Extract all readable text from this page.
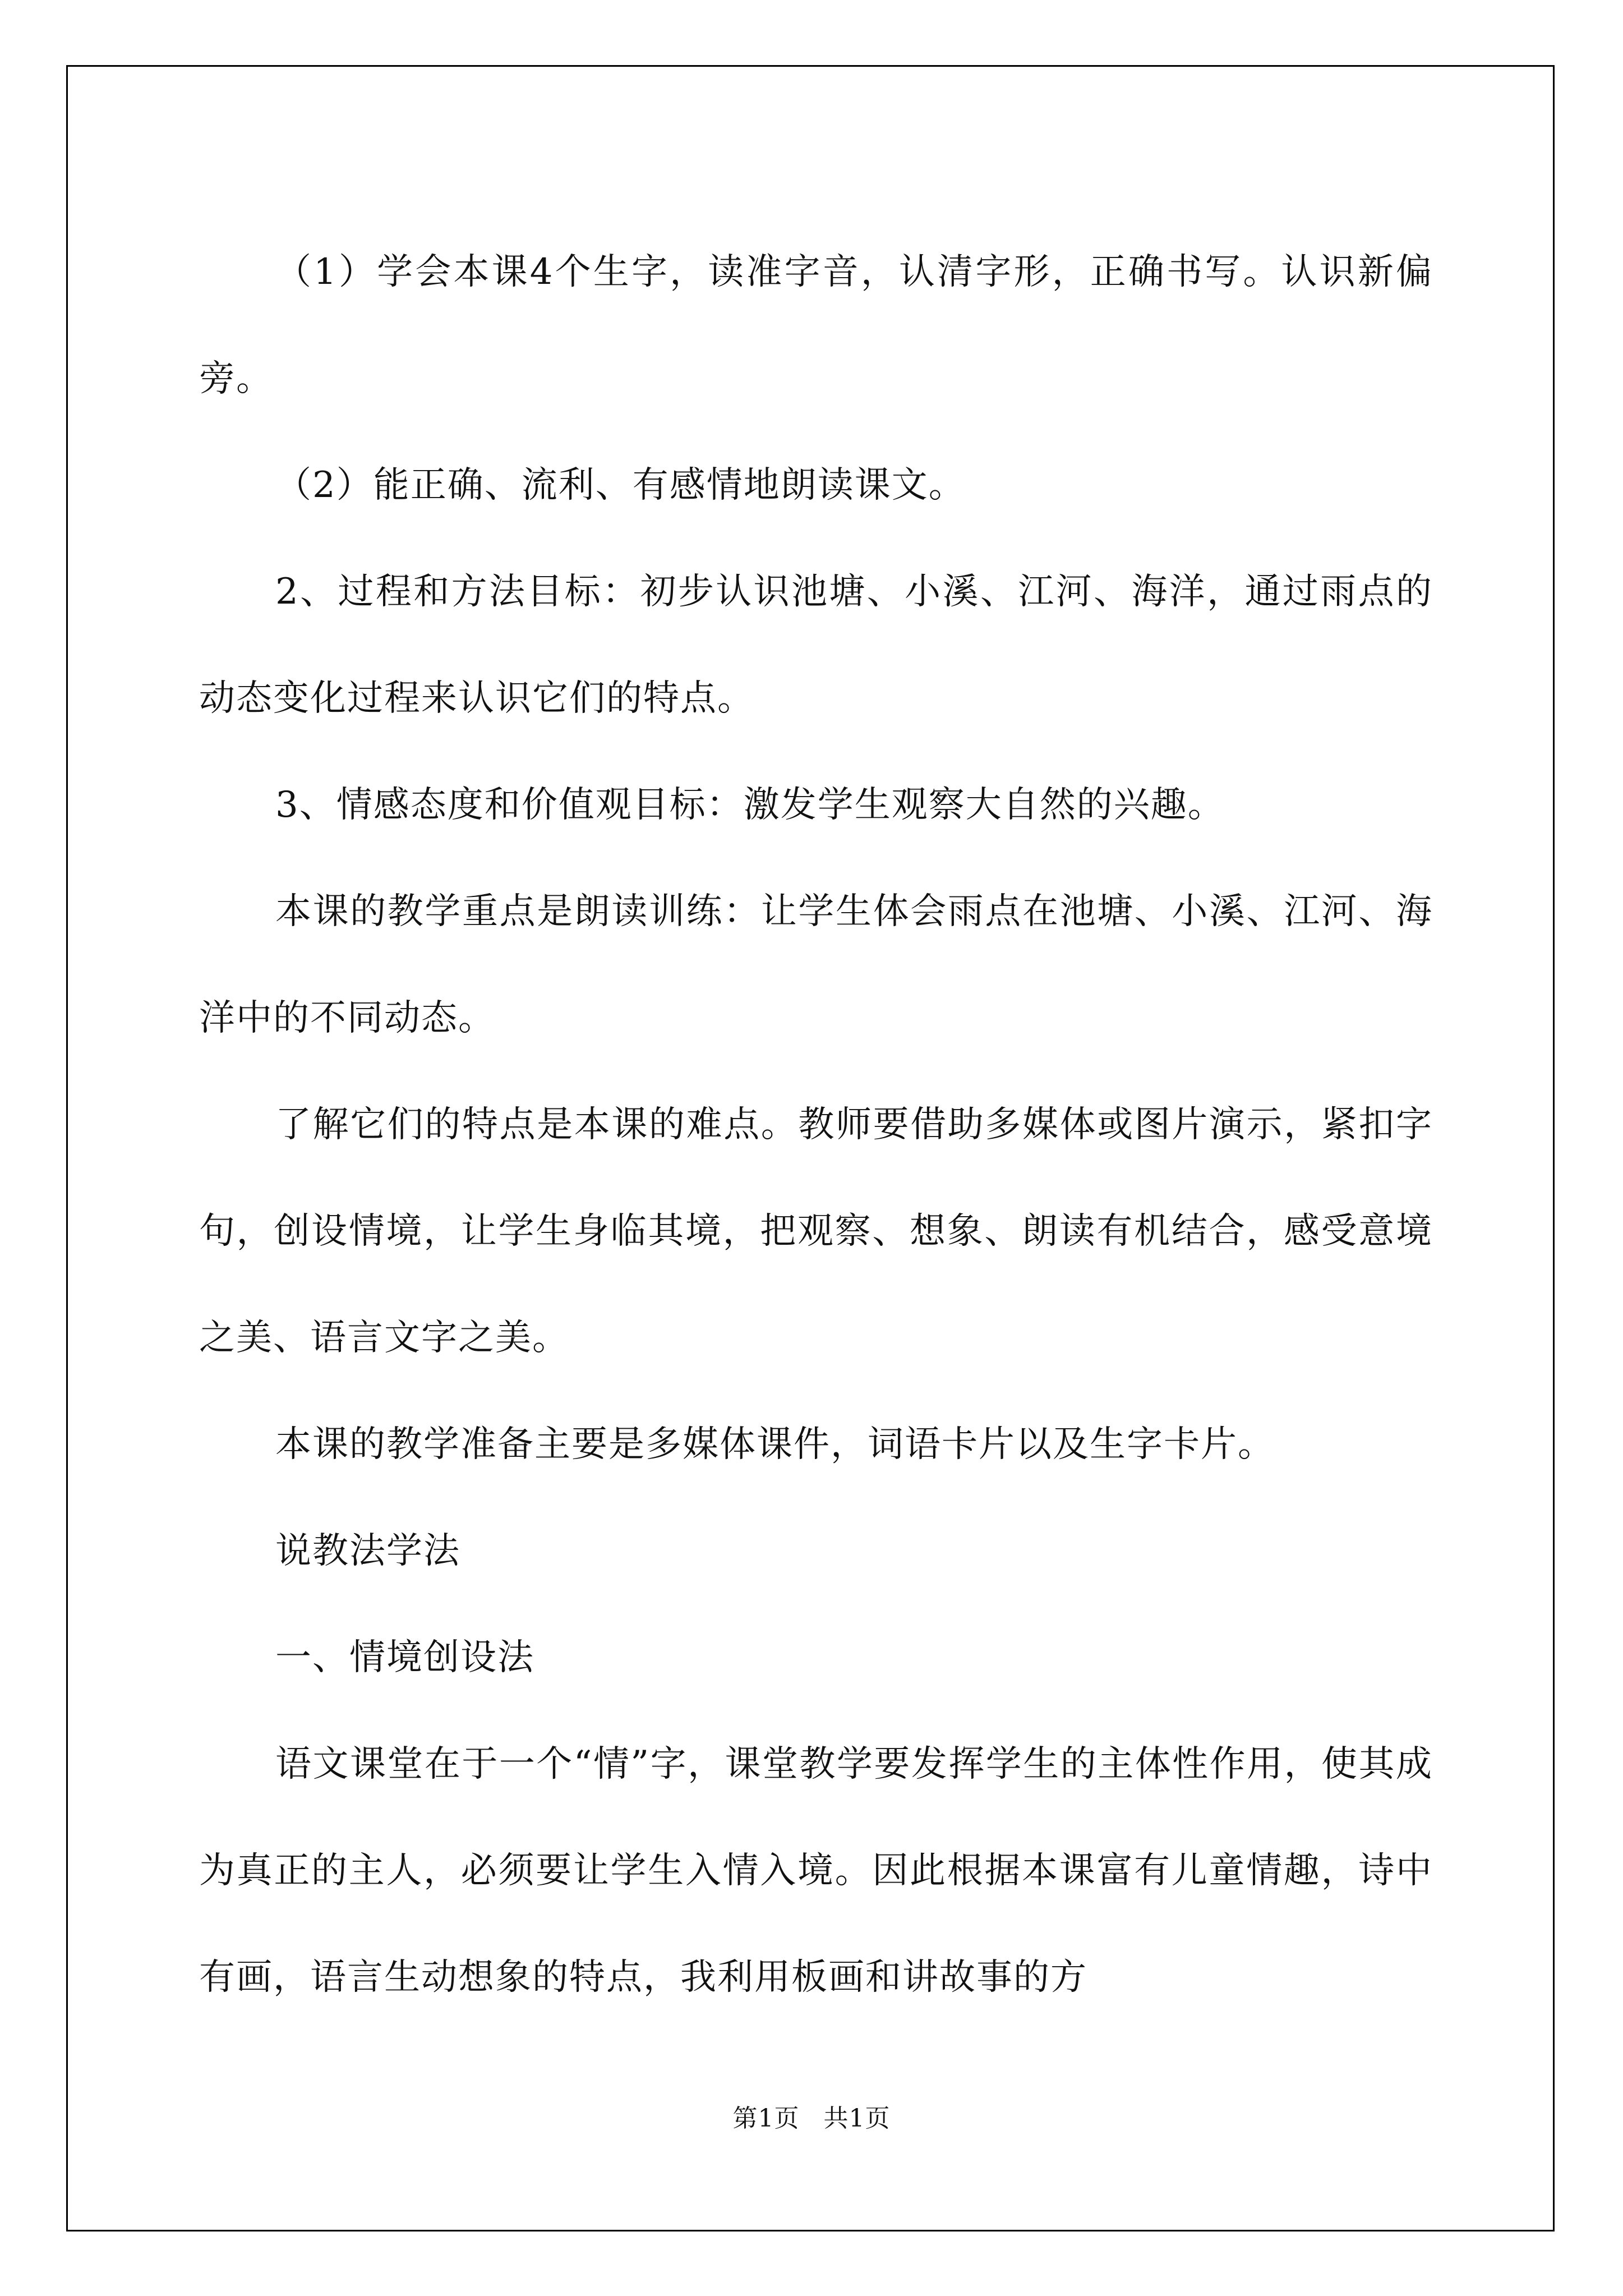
（1）学会本课4个生字，读准字音，认清字形，正确书写。认识新偏旁。

（2）能正确、流利、有感情地朗读课文。

2、过程和方法目标：初步认识池塘、小溪、江河、海洋，通过雨点的动态变化过程来认识它们的特点。

3、情感态度和价值观目标：激发学生观察大自然的兴趣。

本课的教学重点是朗读训练：让学生体会雨点在池塘、小溪、江河、海洋中的不同动态。

了解它们的特点是本课的难点。教师要借助多媒体或图片演示，紧扣字句，创设情境，让学生身临其境，把观察、想象、朗读有机结合，感受意境之美、语言文字之美。

本课的教学准备主要是多媒体课件，词语卡片以及生字卡片。

说教法学法

一、情境创设法

语文课堂在于一个“情”字，课堂教学要发挥学生的主体性作用，使其成为真正的主人，必须要让学生入情入境。因此根据本课富有儿童情趣，诗中有画，语言生动想象的特点，我利用板画和讲故事的方

第1页 共1页
